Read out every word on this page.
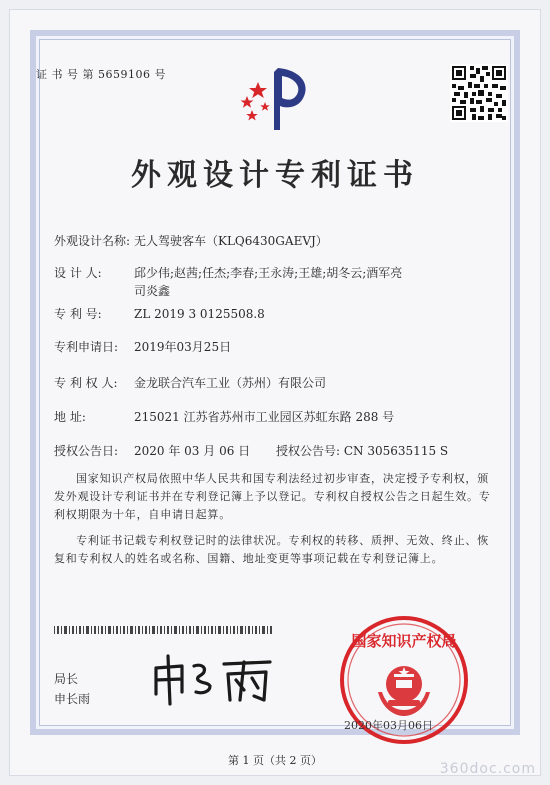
证 书 号 第 5659106 号
外观设计专利证书
外观设计名称: 无人驾驶客车（KLQ6430GAEVJ）
设 计 人:	邱少伟;赵茜;任杰;李春;王永涛;王雄;胡冬云;酒军亮
司炎鑫
专 利 号:	ZL 2019 3 0125508.8
专利申请日: 2019年03月25日
专 利 权 人: 金龙联合汽车工业（苏州）有限公司
地 址:	215021 江苏省苏州市工业园区苏虹东路 288 号
授权公告日: 2020 年 03 月 06 日 授权公告号: CN 305635115 S
国家知识产权局依照中华人民共和国专利法经过初步审查，决定授予专利权，颁发外观设计专利证书并在专利登记簿上予以登记。专利权自授权公告之日起生效。专利权期限为十年，自申请日起算。
专利证书记载专利权登记时的法律状况。专利权的转移、质押、无效、终止、恢复和专利权人的姓名或名称、国籍、地址变更等事项记载在专利登记簿上。
局长
申长雨
国家知识产权局
2020年03月06日
第 1 页（共 2 页）
360doc.com
